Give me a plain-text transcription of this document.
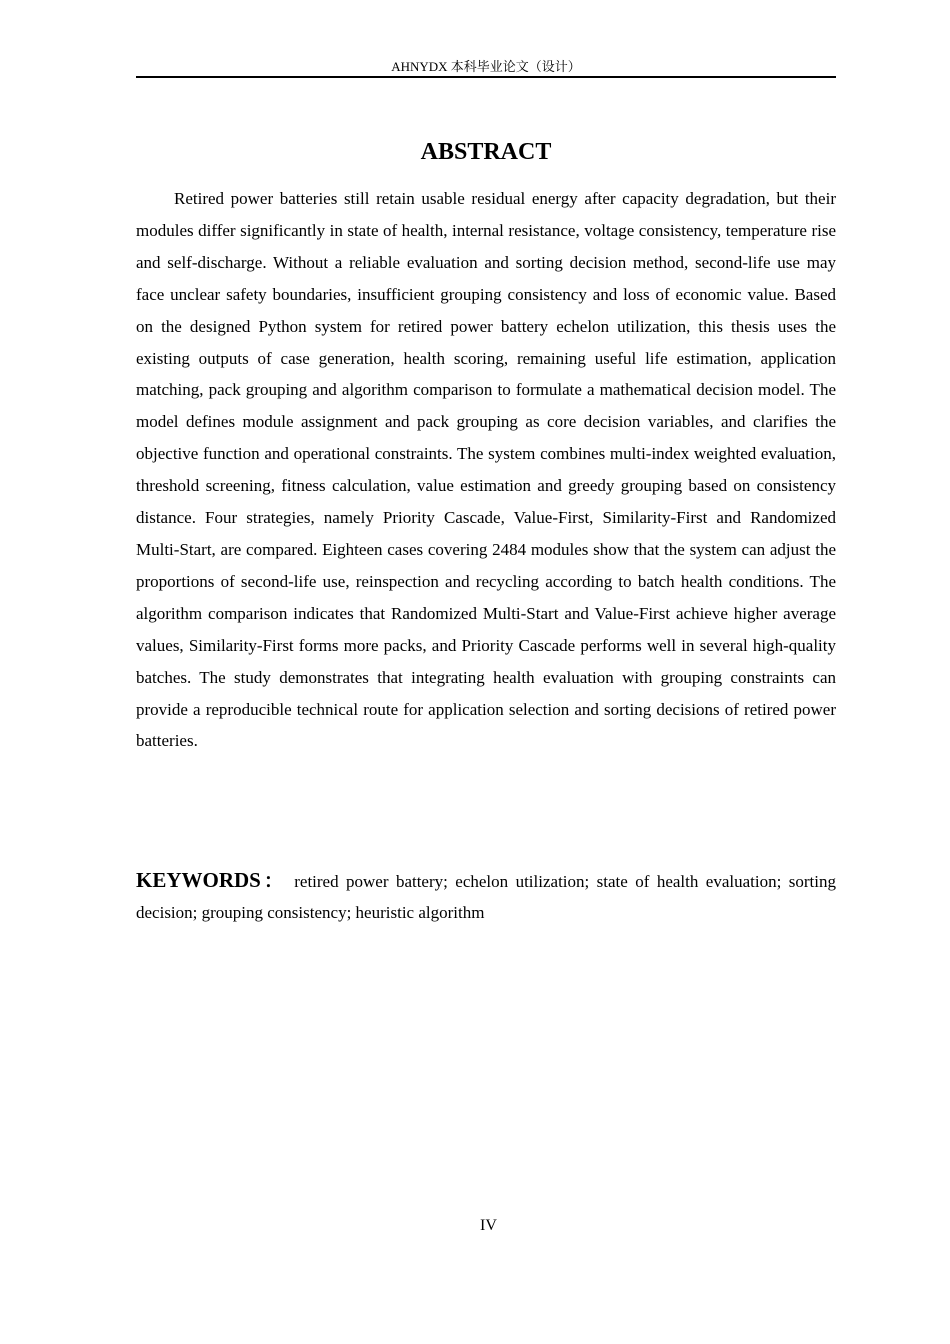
AHNYDX 本科毕业论文（设计）
ABSTRACT

Retired power batteries still retain usable residual energy after capacity degradation, but their modules differ significantly in state of health, internal resistance, voltage consistency, temperature rise and self-discharge. Without a reliable evaluation and sorting decision method, second-life use may face unclear safety boundaries, insufficient grouping consistency and loss of economic value. Based on the designed Python system for retired power battery echelon utilization, this thesis uses the existing outputs of case generation, health scoring, remaining useful life estimation, application matching, pack grouping and algorithm comparison to formulate a mathematical decision model. The model defines module assignment and pack grouping as core decision variables, and clarifies the objective function and operational constraints. The system combines multi-index weighted evaluation, threshold screening, fitness calculation, value estimation and greedy grouping based on consistency distance. Four strategies, namely Priority Cascade, Value-First, Similarity-First and Randomized Multi-Start, are compared. Eighteen cases covering 2484 modules show that the system can adjust the proportions of second-life use, reinspection and recycling according to batch health conditions. The algorithm comparison indicates that Randomized Multi-Start and Value-First achieve higher average values, Similarity-First forms more packs, and Priority Cascade performs well in several high-quality batches. The study demonstrates that integrating health evaluation with grouping constraints can provide a reproducible technical route for application selection and sorting decisions of retired power batteries.

KEYWORDS： retired power battery; echelon utilization; state of health evaluation; sorting decision; grouping consistency; heuristic algorithm

IV
